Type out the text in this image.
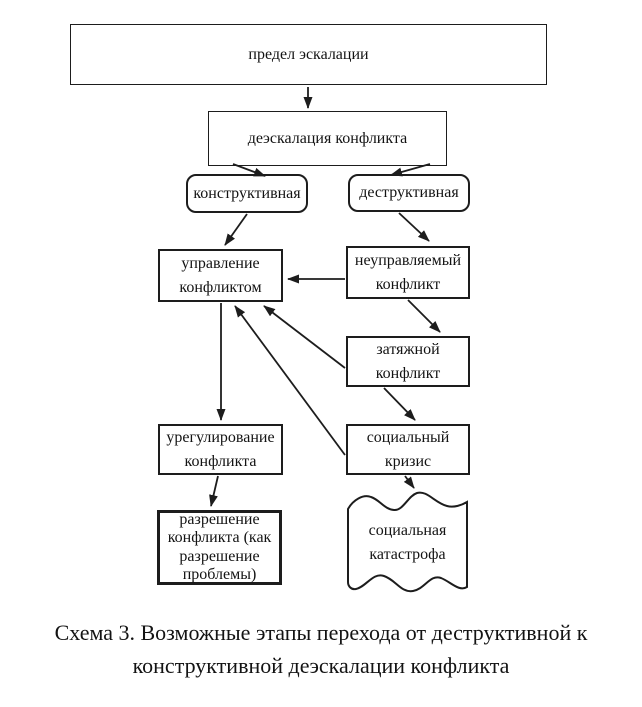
предел эскалации
деэскалация конфликта
конструктивная	деструктивная
управление конфликтом
неуправляемый конфликт
затяжной конфликт
урегулирование конфликта
социальный кризис
разрешение конфликта (как разрешение проблемы)
социальная катастрофа
Схема 3. Возможные этапы перехода от деструктивной к
конструктивной деэскалации конфликта
